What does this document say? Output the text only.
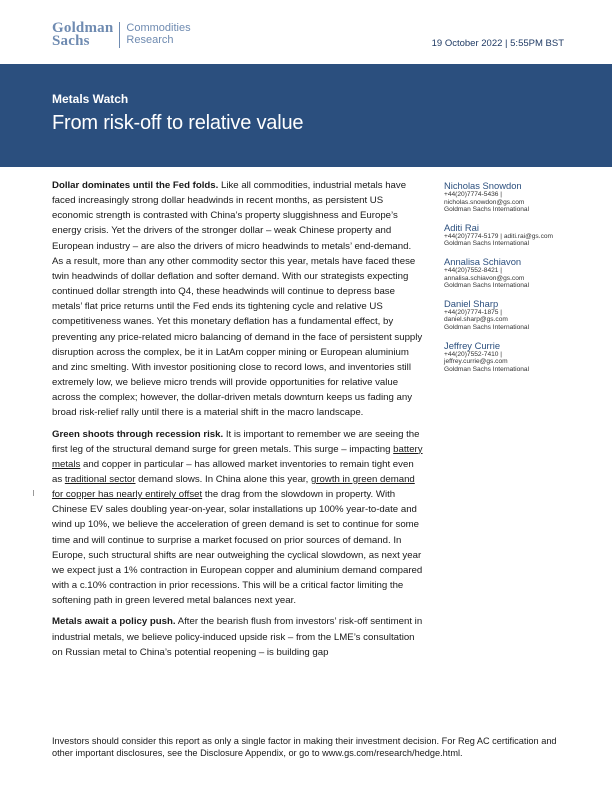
Goldman
Sachs
Commodities
Research	19 October 2022 | 5:55PM BST
Metals Watch
From risk-off to relative value

Dollar dominates until the Fed folds. Like all commodities, industrial metals have faced increasingly strong dollar headwinds in recent months, as persistent US economic strength is contrasted with China’s property sluggishness and Europe’s energy crisis. Yet the drivers of the stronger dollar – weak Chinese property and European industry – are also the drivers of micro headwinds to metals’ end-demand. As a result, more than any other commodity sector this year, metals have faced these twin headwinds of dollar deflation and softer demand. With our strategists expecting continued dollar strength into Q4, these headwinds will continue to depress base metals’ flat price returns until the Fed ends its tightening cycle and relative US competitiveness wanes. Yet this monetary deflation has a fundamental effect, by preventing any price-related micro balancing of demand in the face of persistent supply disruption across the complex, be it in LatAm copper mining or European aluminium and zinc smelting. With investor positioning close to record lows, and inventories still extremely low, we believe micro trends will provide opportunities for relative value across the complex; however, the dollar-driven metals downturn keeps us fading any broad risk-relief rally until there is a material shift in the macro landscape.

Green shoots through recession risk. It is important to remember we are seeing the first leg of the structural demand surge for green metals. This surge – impacting battery metals and copper in particular – has allowed market inventories to remain tight even as traditional sector demand slows. In China alone this year, growth in green demand for copper has nearly entirely offset the drag from the slowdown in property. With Chinese EV sales doubling year-on-year, solar installations up 100% year-to-date and wind up 10%, we believe the acceleration of green demand is set to continue for some time and will continue to surprise a market focused on prior sources of demand. In Europe, such structural shifts are near outweighing the cyclical slowdown, as next year we expect just a 1% contraction in European copper and aluminium demand compared with a c.10% contraction in prior recessions. This will be a critical factor limiting the softening path in green levered metal balances next year.

Metals await a policy push. After the bearish flush from investors’ risk-off sentiment in industrial metals, we believe policy-induced upside risk – from the LME’s consultation on Russian metal to China’s potential reopening – is building gap

Nicholas Snowdon
+44(20)7774-5436 |
nicholas.snowdon@gs.com
Goldman Sachs International
Aditi Rai
+44(20)7774-5179 | aditi.rai@gs.com
Goldman Sachs International
Annalisa Schiavon
+44(20)7552-8421 |
annalisa.schiavon@gs.com
Goldman Sachs International
Daniel Sharp
+44(20)7774-1875 |
daniel.sharp@gs.com
Goldman Sachs International
Jeffrey Currie
+44(20)7552-7410 |
jeffrey.currie@gs.com
Goldman Sachs International
Investors should consider this report as only a single factor in making their investment decision. For Reg AC certification and other important disclosures, see the Disclosure Appendix, or go to www.gs.com/research/hedge.html.
